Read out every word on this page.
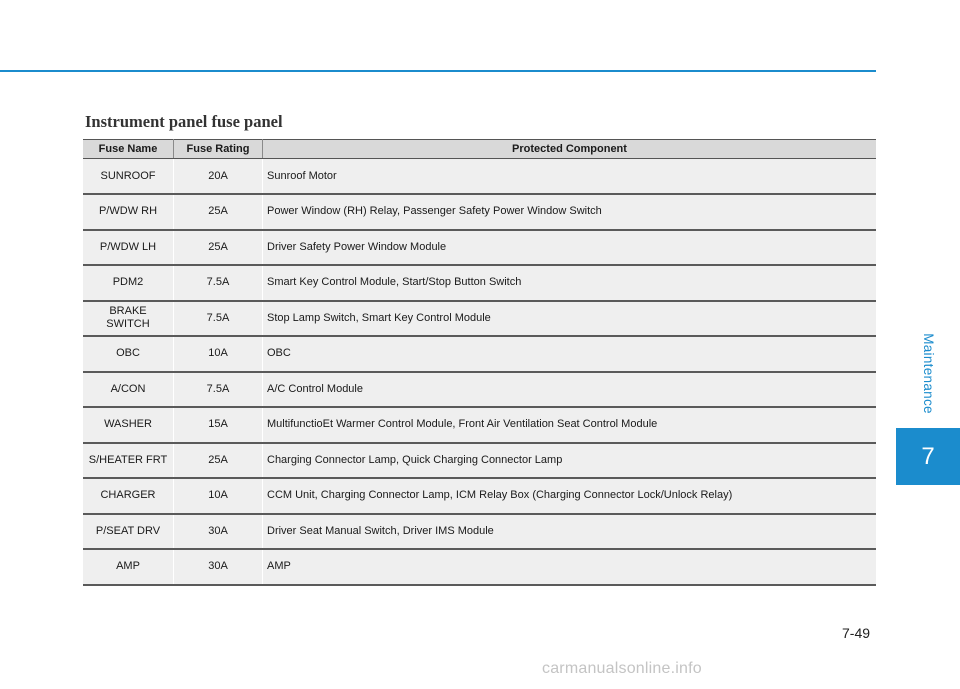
Instrument panel fuse panel
Fuse Name	Fuse Rating	Protected Component
SUNROOF	20A	Sunroof Motor
P/WDW RH	25A	Power Window (RH) Relay, Passenger Safety Power Window Switch
P/WDW LH	25A	Driver Safety Power Window Module
PDM2	7.5A	Smart Key Control Module, Start/Stop Button Switch
BRAKE SWITCH	7.5A	Stop Lamp Switch, Smart Key Control Module
OBC	10A	OBC
A/CON	7.5A	A/C Control Module
WASHER	15A	MultifunctioEt Warmer Control Module, Front Air Ventilation Seat Control Module
S/HEATER FRT	25A	Charging Connector Lamp, Quick Charging Connector Lamp
CHARGER	10A	CCM Unit, Charging Connector Lamp, ICM Relay Box (Charging Connector Lock/Unlock Relay)
P/SEAT DRV	30A	Driver Seat Manual Switch, Driver IMS Module
AMP	30A	AMP
Maintenance
7
7-49
carmanualsonline.info
